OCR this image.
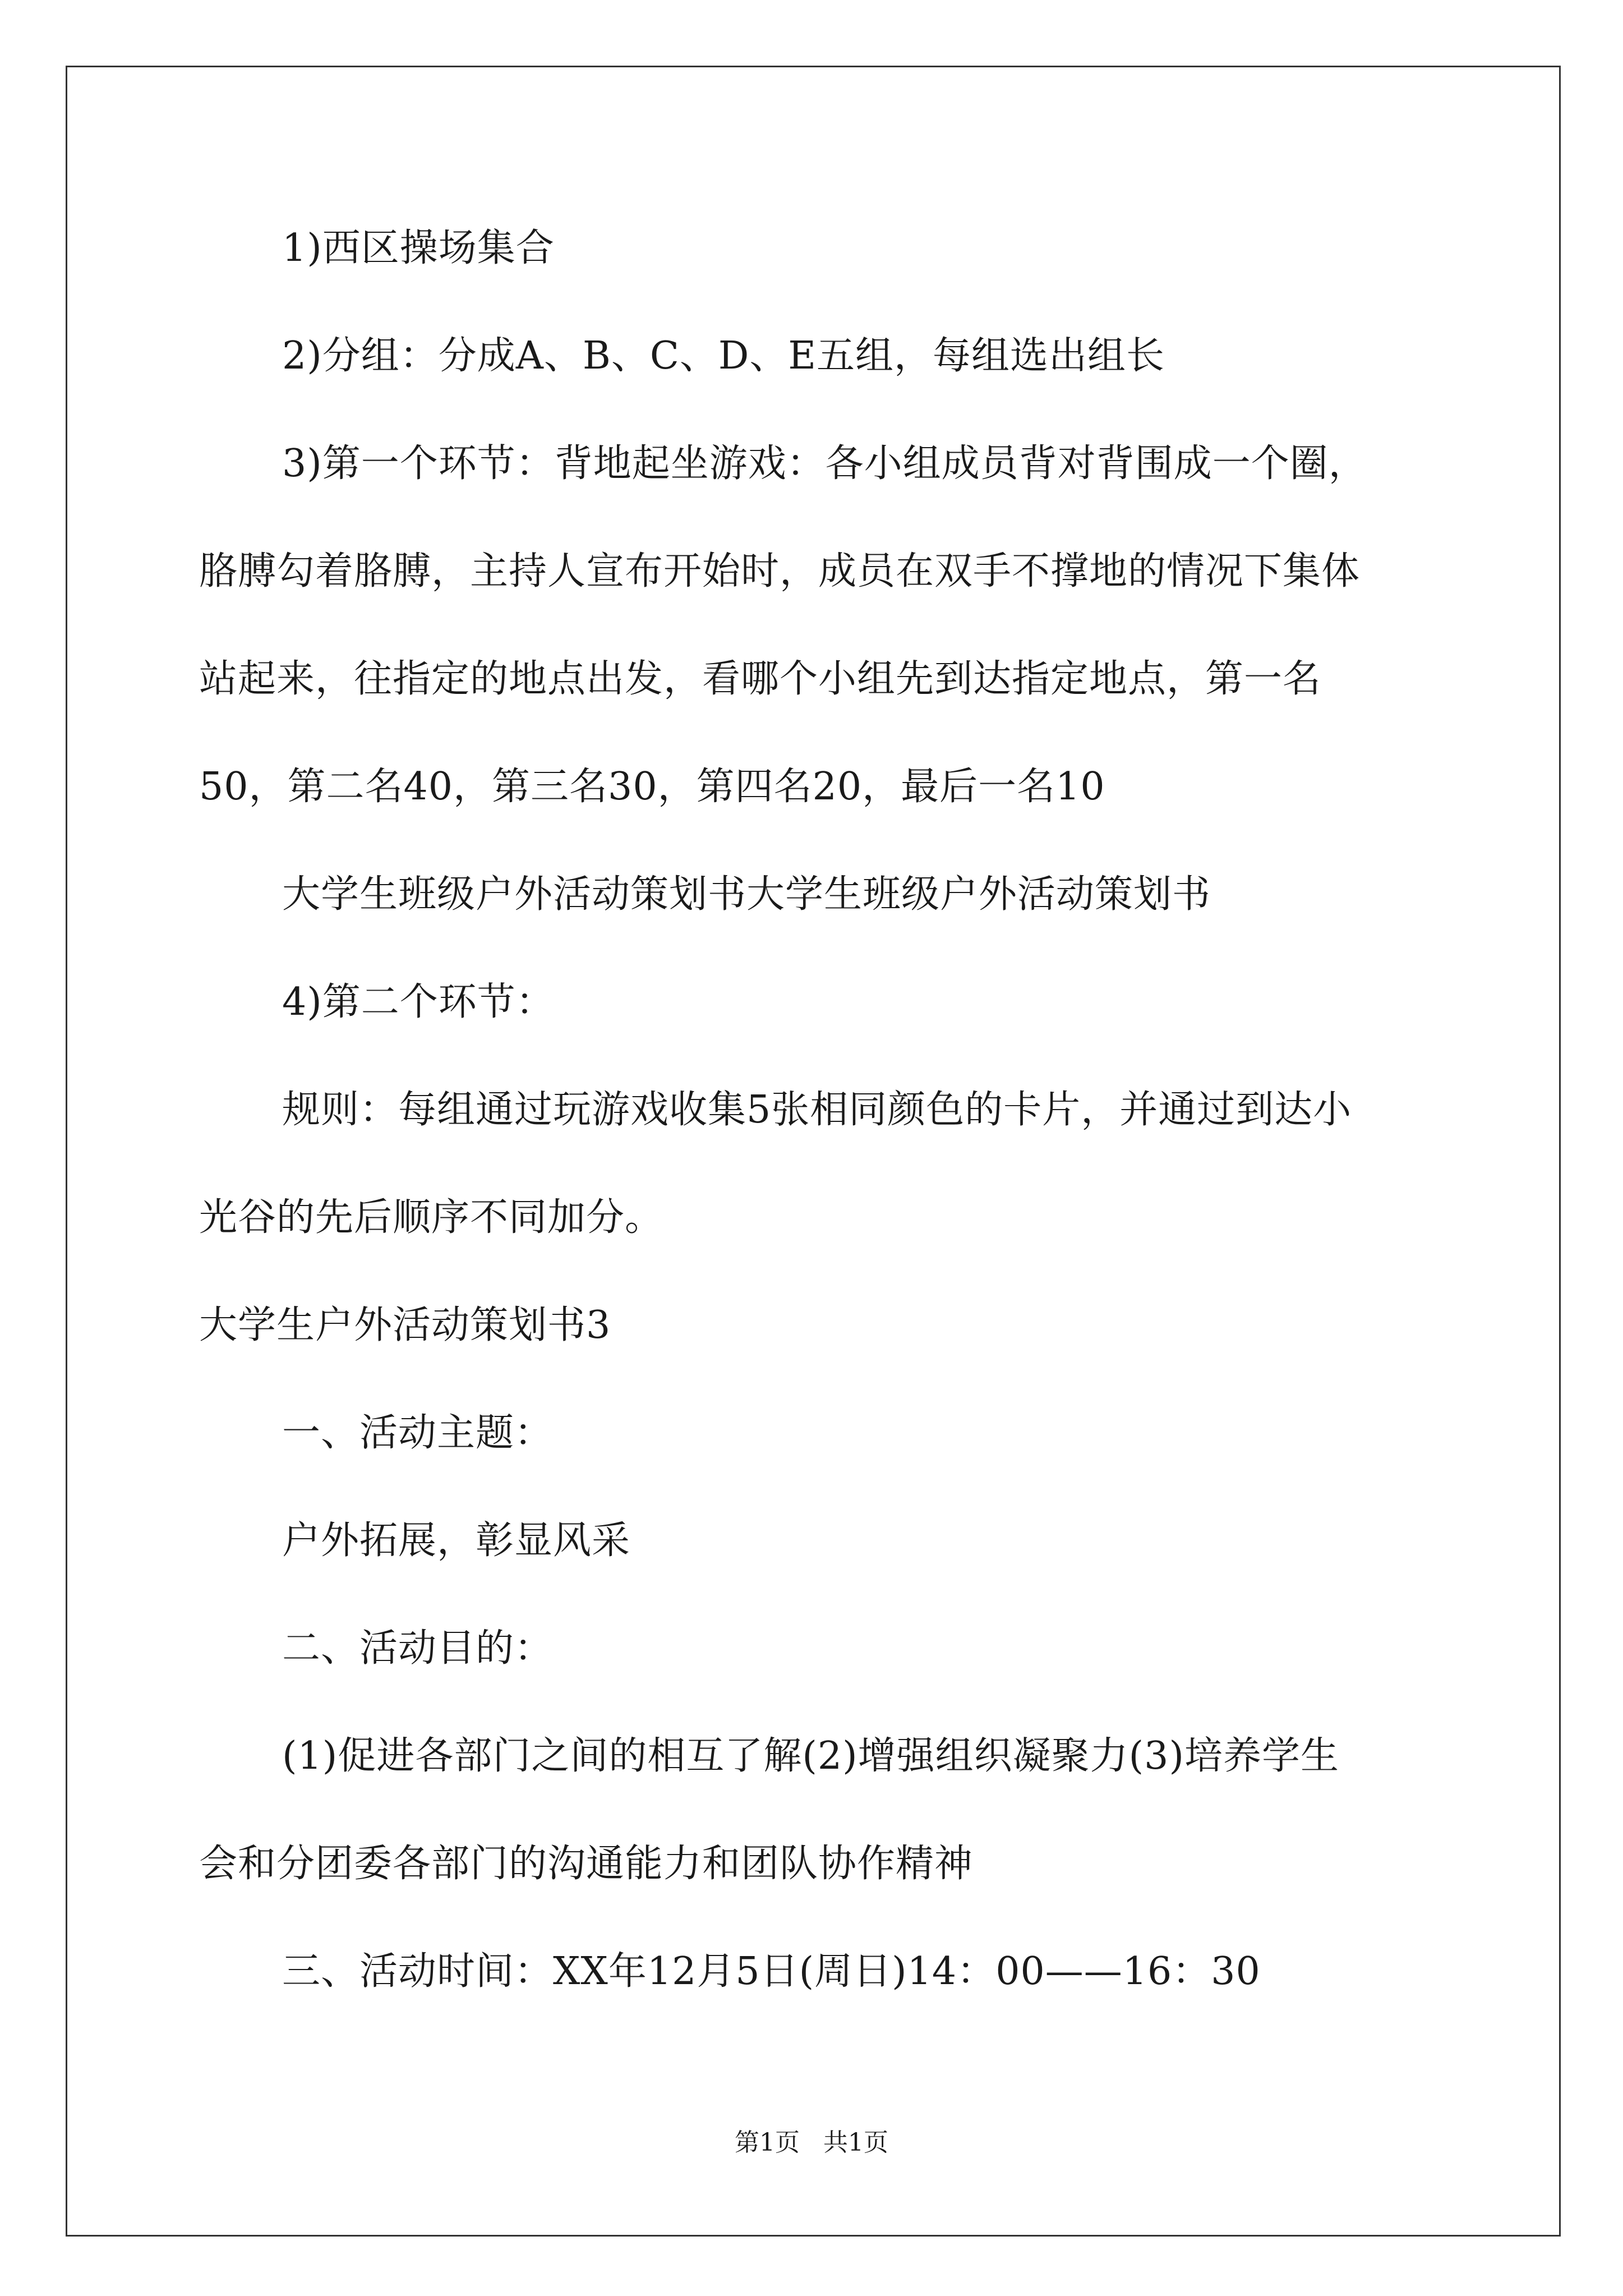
1)西区操场集合
2)分组：分成A、B、C、D、E五组，每组选出组长
3)第一个环节：背地起坐游戏：各小组成员背对背围成一个圈，
胳膊勾着胳膊，主持人宣布开始时，成员在双手不撑地的情况下集体
站起来，往指定的地点出发，看哪个小组先到达指定地点，第一名
50，第二名40，第三名30，第四名20，最后一名10
大学生班级户外活动策划书大学生班级户外活动策划书
4)第二个环节：
规则：每组通过玩游戏收集5张相同颜色的卡片，并通过到达小
光谷的先后顺序不同加分。
大学生户外活动策划书3
一、活动主题：
户外拓展，彰显风采
二、活动目的：
(1)促进各部门之间的相互了解(2)增强组织凝聚力(3)培养学生
会和分团委各部门的沟通能力和团队协作精神
三、活动时间：XX年12月5日(周日)14：00——16：30
第1页   共1页
